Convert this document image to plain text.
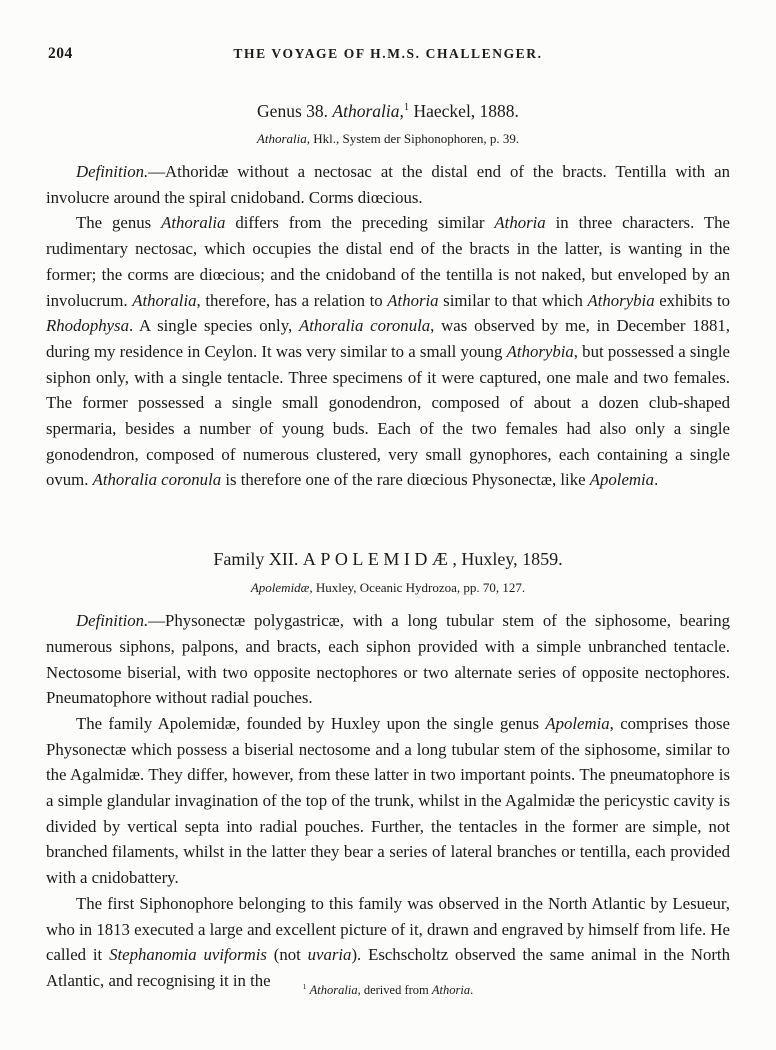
204	THE VOYAGE OF H.M.S. CHALLENGER.
Genus 38. Athoralia,$^1$ Haeckel, 1888.
Athoralia, Hkl., System der Siphonophoren, p. 39.

Definition.—Athoridæ without a nectosac at the distal end of the bracts. Tentilla with an involucre around the spiral cnidoband. Corms diœcious.

The genus Athoralia differs from the preceding similar Athoria in three characters. The rudimentary nectosac, which occupies the distal end of the bracts in the latter, is wanting in the former; the corms are diœcious; and the cnidoband of the tentilla is not naked, but enveloped by an involucrum. Athoralia, therefore, has a relation to Athoria similar to that which Athorybia exhibits to Rhodophysa. A single species only, Athoralia coronula, was observed by me, in December 1881, during my residence in Ceylon. It was very similar to a small young Athorybia, but possessed a single siphon only, with a single tentacle. Three specimens of it were captured, one male and two females. The former possessed a single small gonodendron, composed of about a dozen club-shaped spermaria, besides a number of young buds. Each of the two females had also only a single gonodendron, composed of numerous clustered, very small gynophores, each containing a single ovum. Athoralia coronula is therefore one of the rare diœcious Physonectæ, like Apolemia.

Family XII. APOLEMIDÆ, Huxley, 1859.
Apolemidæ, Huxley, Oceanic Hydrozoa, pp. 70, 127.

Definition.—Physonectæ polygastricæ, with a long tubular stem of the siphosome, bearing numerous siphons, palpons, and bracts, each siphon provided with a simple unbranched tentacle. Nectosome biserial, with two opposite nectophores or two alternate series of opposite nectophores. Pneumatophore without radial pouches.

The family Apolemidæ, founded by Huxley upon the single genus Apolemia, comprises those Physonectæ which possess a biserial nectosome and a long tubular stem of the siphosome, similar to the Agalmidæ. They differ, however, from these latter in two important points. The pneumatophore is a simple glandular invagination of the top of the trunk, whilst in the Agalmidæ the pericystic cavity is divided by vertical septa into radial pouches. Further, the tentacles in the former are simple, not branched filaments, whilst in the latter they bear a series of lateral branches or tentilla, each provided with a cnidobattery.

The first Siphonophore belonging to this family was observed in the North Atlantic by Lesueur, who in 1813 executed a large and excellent picture of it, drawn and engraved by himself from life. He called it Stephanomia uviformis (not uvaria). Eschscholtz observed the same animal in the North Atlantic, and recognising it in the	$^1$ Athoralia, derived from Athoria.
